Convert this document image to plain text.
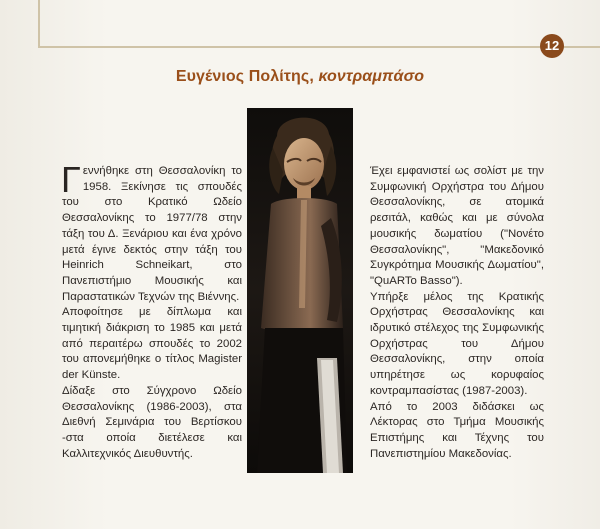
12
Ευγένιος Πολίτης, κοντραμπάσο

Γεννήθηκε στη Θεσσαλονίκη το 1958. Ξεκίνησε τις σπουδές του στο Κρατικό Ωδείο Θεσσαλονίκης το 1977/78 στην τάξη του Δ. Ξενάριου και ένα χρόνο μετά έγινε δεκτός στην τάξη του Heinrich Schneikart, στο Πανεπιστήμιο Μουσικής και Παραστατικών Τεχνών της Βιέννης.

Αποφοίτησε με δίπλωμα και τιμητική διάκριση το 1985 και μετά από περαιτέρω σπουδές το 2002 του απονεμήθηκε ο τίτλος Magister der Künste.

Δίδαξε στο Σύγχρονο Ωδείο Θεσσαλονίκης (1986-2003), στα Διεθνή Σεμινάρια του Βερτίσκου -στα οποία διετέλεσε και Καλλιτεχνικός Διευθυντής.

Έχει εμφανιστεί ως σολίστ με την Συμφωνική Ορχήστρα του Δήμου Θεσσαλονίκης, σε ατομικά ρεσιτάλ, καθώς και με σύνολα μουσικής δωματίου ("Νονέτο Θεσσαλονίκης", "Μακεδονικό Συγκρότημα Μουσικής Δωματίου", "QuARTo Basso").

Υπήρξε μέλος της Κρατικής Ορχήστρας Θεσσαλονίκης και ιδρυτικό στέλεχος της Συμφωνικής Ορχήστρας του Δήμου Θεσσαλονίκης, στην οποία υπηρέτησε ως κορυφαίος κοντραμπασίστας (1987-2003).

Από το 2003 διδάσκει ως Λέκτορας στο Τμήμα Μουσικής Επιστήμης και Τέχνης του Πανεπιστημίου Μακεδονίας.
